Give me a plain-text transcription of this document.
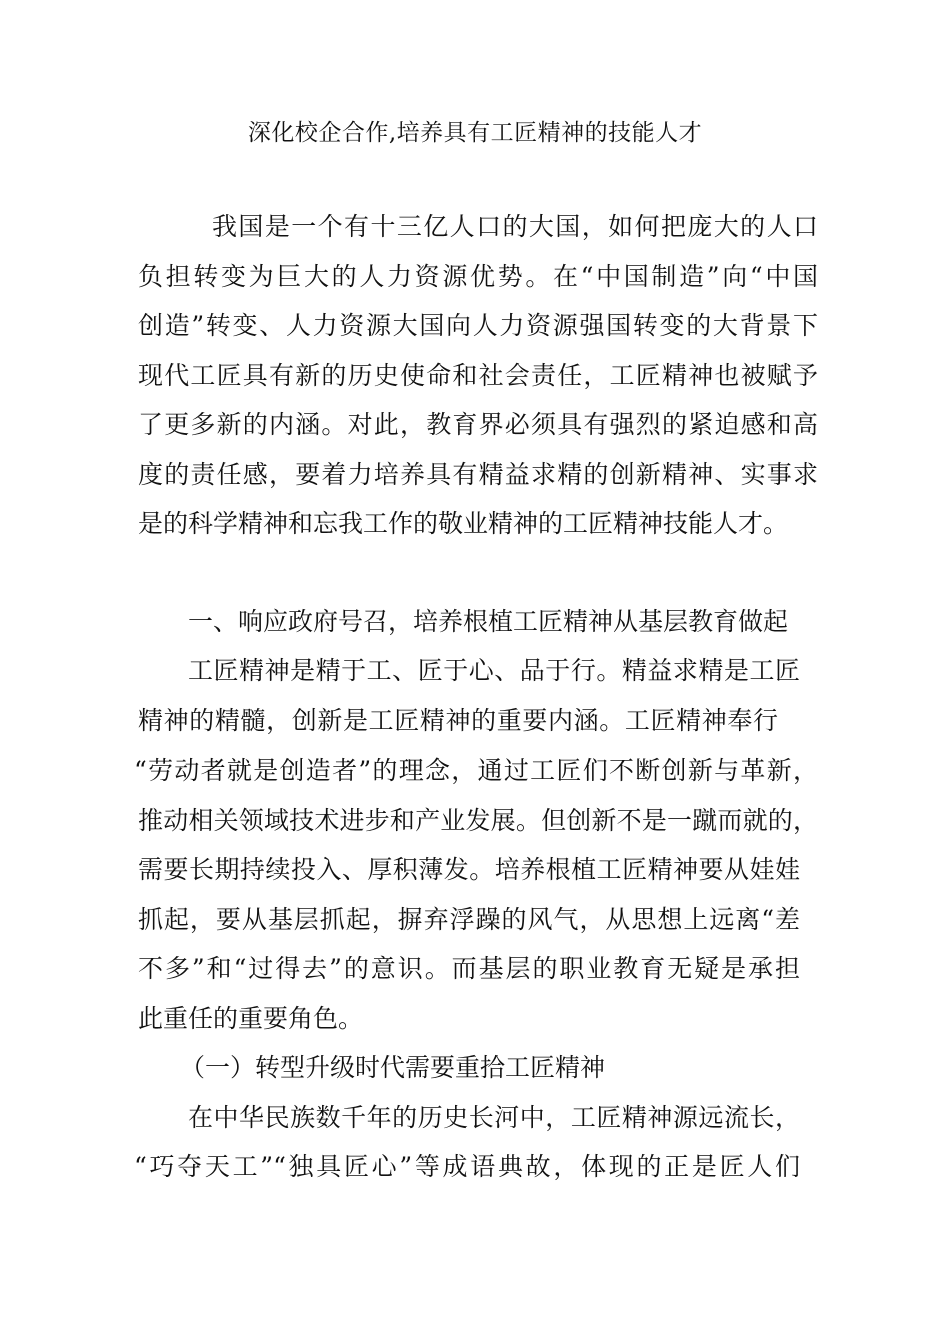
深化校企合作,培养具有工匠精神的技能人才
我国是一个有十三亿人口的大国，如何把庞大的人口
负担转变为巨大的人力资源优势。在“中国制造”向“中国
创造”转变、人力资源大国向人力资源强国转变的大背景下
现代工匠具有新的历史使命和社会责任，工匠精神也被赋予
了更多新的内涵。对此，教育界必须具有强烈的紧迫感和高
度的责任感，要着力培养具有精益求精的创新精神、实事求
是的科学精神和忘我工作的敬业精神的工匠精神技能人才。
一、响应政府号召，培养根植工匠精神从基层教育做起
工匠精神是精于工、匠于心、品于行。精益求精是工匠
精神的精髓，创新是工匠精神的重要内涵。工匠精神奉行
“劳动者就是创造者”的理念，通过工匠们不断创新与革新，
推动相关领域技术进步和产业发展。但创新不是一蹴而就的，
需要长期持续投入、厚积薄发。培养根植工匠精神要从娃娃
抓起，要从基层抓起，摒弃浮躁的风气，从思想上远离“差
不多”和“过得去”的意识。而基层的职业教育无疑是承担
此重任的重要角色。
（一）转型升级时代需要重拾工匠精神
在中华民族数千年的历史长河中，工匠精神源远流长，
“巧夺天工”“独具匠心”等成语典故，体现的正是匠人们
